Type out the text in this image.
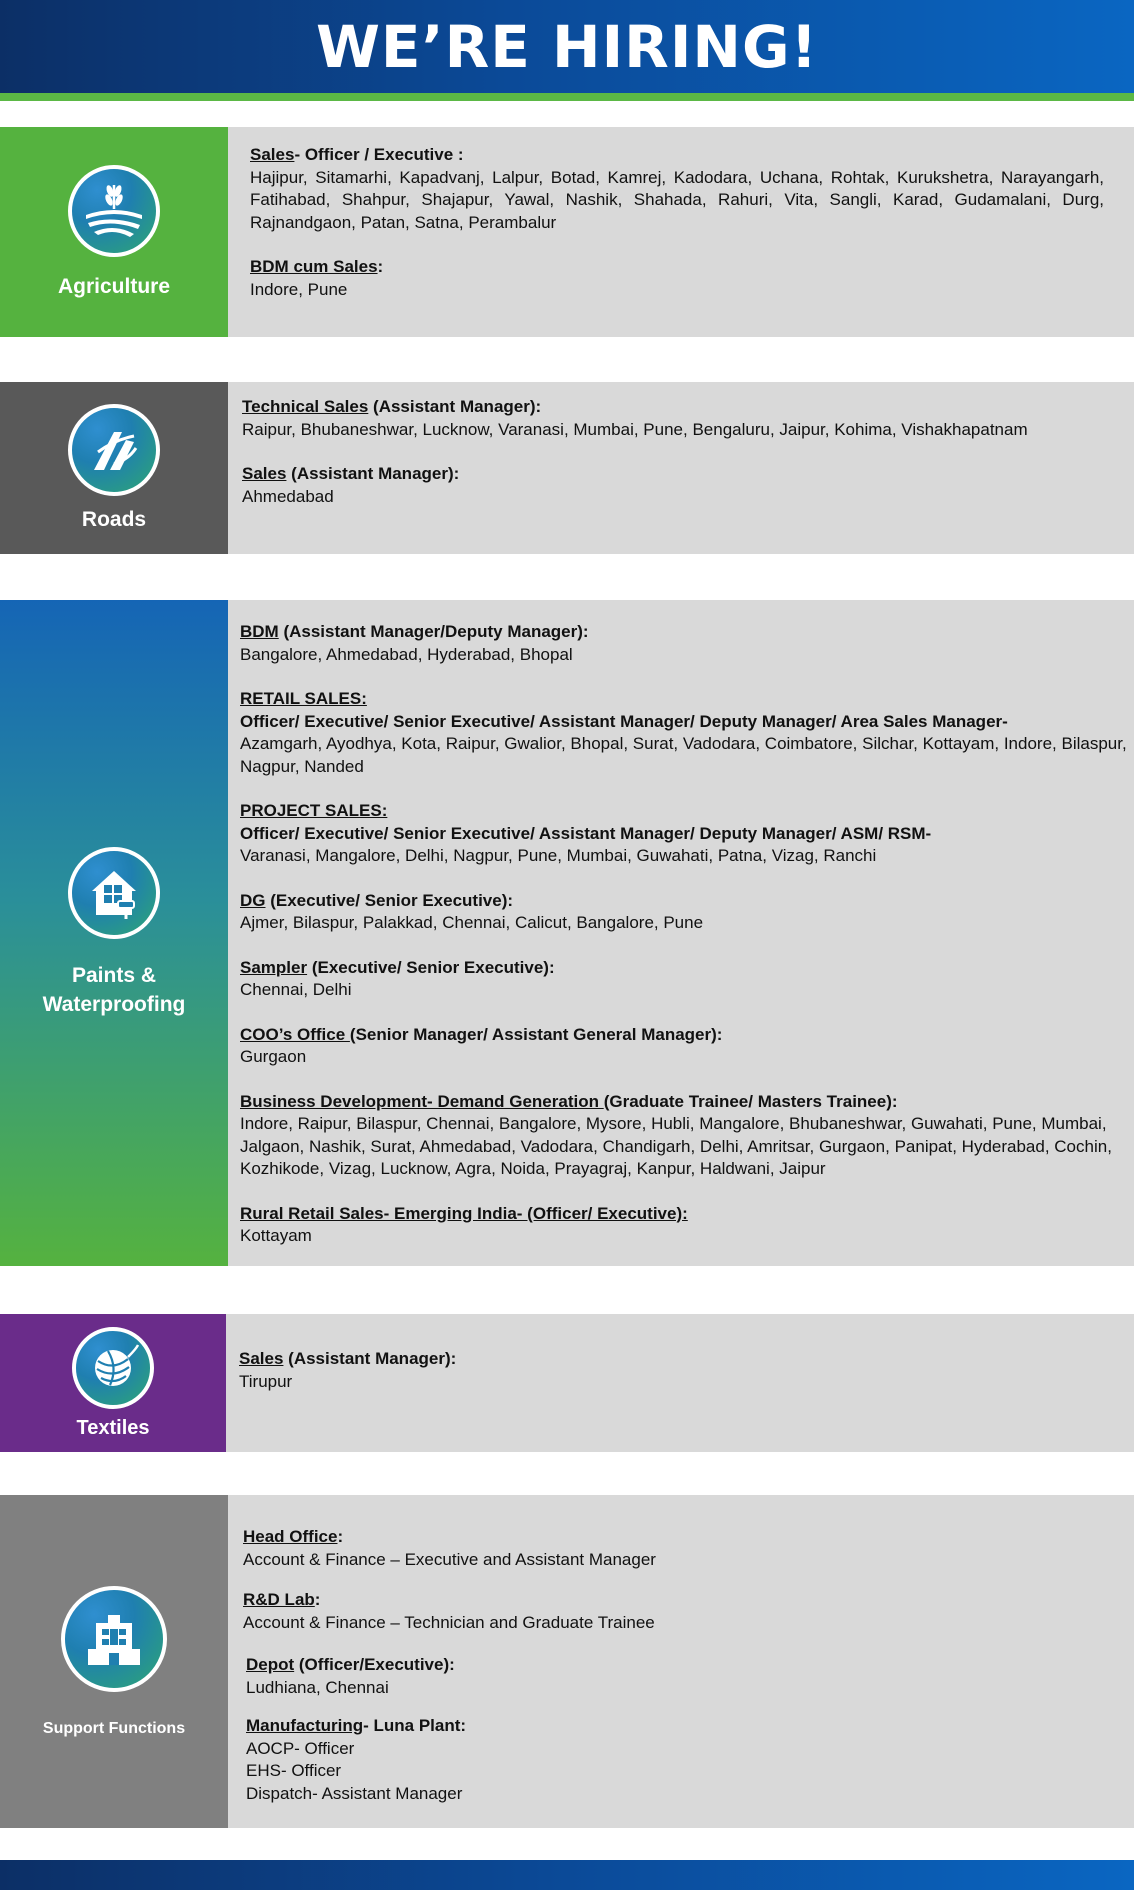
WE’RE HIRING!
Agriculture
Sales- Officer / Executive :
Hajipur, Sitamarhi, Kapadvanj, Lalpur, Botad, Kamrej, Kadodara, Uchana, Rohtak, Kurukshetra, Narayangarh, Fatihabad, Shahpur, Shajapur, Yawal, Nashik, Shahada, Rahuri, Vita, Sangli, Karad, Gudamalani, Durg, Rajnandgaon, Patan, Satna, Perambalur
BDM cum Sales:
Indore, Pune
Roads
Technical Sales (Assistant Manager):
Raipur, Bhubaneshwar, Lucknow, Varanasi, Mumbai, Pune, Bengaluru, Jaipur, Kohima, Vishakhapatnam
Sales (Assistant Manager):
Ahmedabad
Paints &
Waterproofing
BDM (Assistant Manager/Deputy Manager):
Bangalore, Ahmedabad, Hyderabad, Bhopal
RETAIL SALES:
Officer/ Executive/ Senior Executive/ Assistant Manager/ Deputy Manager/ Area Sales Manager-
Azamgarh, Ayodhya, Kota, Raipur, Gwalior, Bhopal, Surat, Vadodara, Coimbatore, Silchar, Kottayam, Indore, Bilaspur, Nagpur, Nanded
PROJECT SALES:
Officer/ Executive/ Senior Executive/ Assistant Manager/ Deputy Manager/ ASM/ RSM-
Varanasi, Mangalore, Delhi, Nagpur, Pune, Mumbai, Guwahati, Patna, Vizag, Ranchi
DG (Executive/ Senior Executive):
Ajmer, Bilaspur, Palakkad, Chennai, Calicut, Bangalore, Pune
Sampler (Executive/ Senior Executive):
Chennai, Delhi
COO’s Office (Senior Manager/ Assistant General Manager):
Gurgaon
Business Development- Demand Generation (Graduate Trainee/ Masters Trainee):
Indore, Raipur, Bilaspur, Chennai, Bangalore, Mysore, Hubli, Mangalore, Bhubaneshwar, Guwahati, Pune, Mumbai, Jalgaon, Nashik, Surat, Ahmedabad, Vadodara, Chandigarh, Delhi, Amritsar, Gurgaon, Panipat, Hyderabad, Cochin, Kozhikode, Vizag, Lucknow, Agra, Noida, Prayagraj, Kanpur, Haldwani, Jaipur
Rural Retail Sales- Emerging India- (Officer/ Executive):
Kottayam
Textiles
Sales (Assistant Manager):
Tirupur
Support Functions
Head Office:
Account & Finance – Executive and Assistant Manager
R&D Lab:
Account & Finance – Technician and Graduate Trainee
Depot (Officer/Executive):
Ludhiana, Chennai
Manufacturing- Luna Plant:
AOCP- Officer
EHS- Officer
Dispatch- Assistant Manager
